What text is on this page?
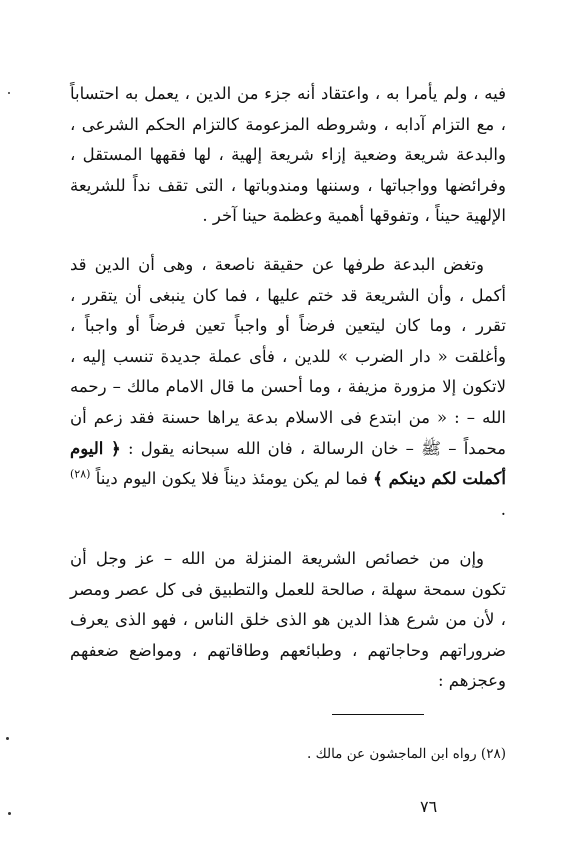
فيه ، ولم يأمرا به ، واعتقاد أنه جزء من الدين ، يعمل به احتساباً ، مع التزام آدابه ، وشروطه المزعومة كالتزام الحكم الشرعى ، والبدعة شريعة وضعية إزاء شريعة إلهية ، لها فقهها المستقل ، وفرائضها وواجباتها ، وسننها ومندوباتها ، التى تقف نداً للشريعة الإلهية حيناً ، وتفوقها أهمية وعظمة حينا آخر .
وتغض البدعة طرفها عن حقيقة ناصعة ، وهى أن الدين قد أكمل ، وأن الشريعة قد ختم عليها ، فما كان ينبغى أن يتقرر ، تقرر ، وما كان ليتعين فرضاً أو واجباً تعين فرضاً أو واجباً ، وأغلقت « دار الضرب » للدين ، فأى عملة جديدة تنسب إليه ، لاتكون إلا مزورة مزيفة ، وما أحسن ما قال الامام مالك – رحمه الله – : « من ابتدع فى الاسلام بدعة يراها حسنة فقد زعم أن محمداً – ﷺ – خان الرسالة ، فان الله سبحانه يقول : ﴿ اليوم أكملت لكم دينكم ﴾ فما لم يكن يومئذ ديناً فلا يكون اليوم ديناً $^{(٢٨)}$ .
وإن من خصائص الشريعة المنزلة من الله – عز وجل أن تكون سمحة سهلة ، صالحة للعمل والتطبيق فى كل عصر ومصر ، لأن من شرع هذا الدين هو الذى خلق الناس ، فهو الذى يعرف ضروراتهم وحاجاتهم ، وطبائعهم وطاقاتهم ، ومواضع ضعفهم وعجزهم :
(٢٨) رواه ابن الماجشون عن مالك .
٧٦
